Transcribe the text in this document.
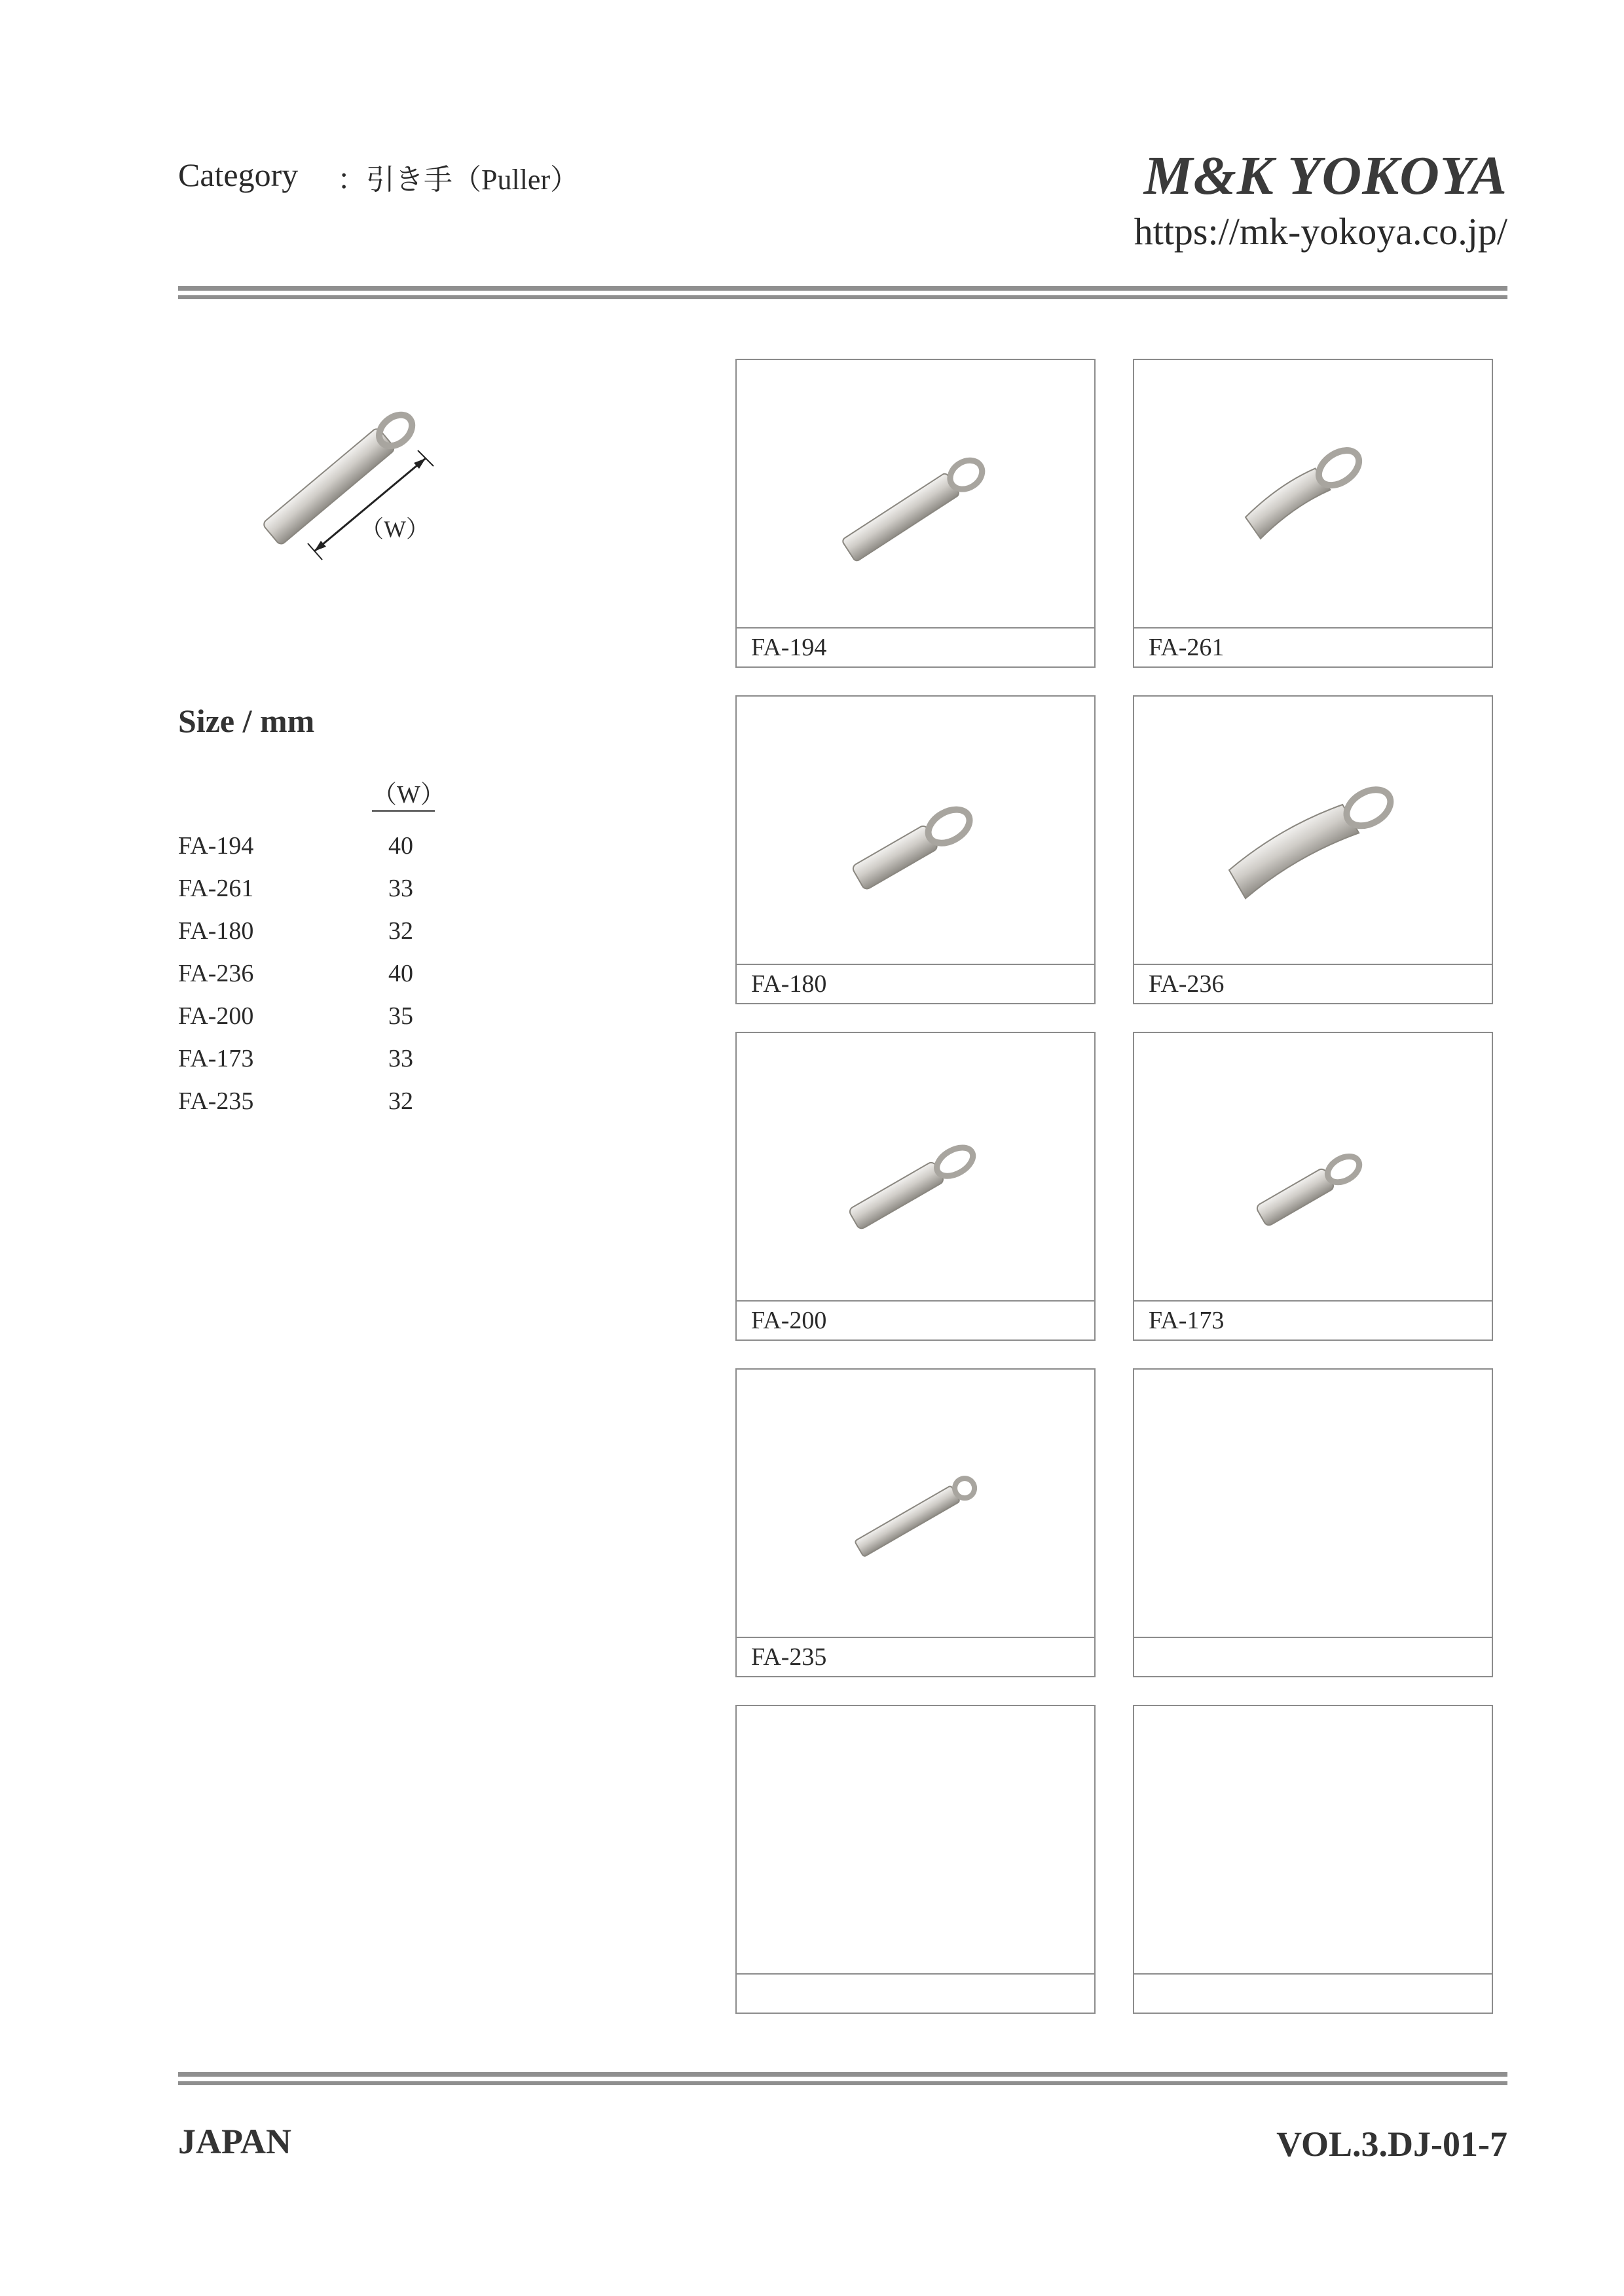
Category ：引き手（Puller）	M&K YOKOYA
https://mk-yokoya.co.jp/
（W）
Size / mm
（W）
FA-194	40
FA-261	33
FA-180	32
FA-236	40
FA-200	35
FA-173	33
FA-235	32
FA-194	FA-261
FA-180	FA-236
FA-200	FA-173
FA-235
JAPAN	VOL.3.DJ-01-7
